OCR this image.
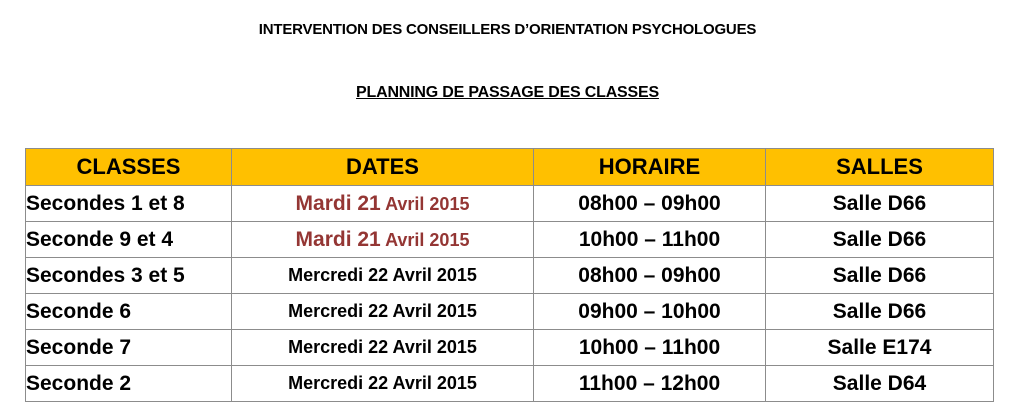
INTERVENTION DES CONSEILLERS D’ORIENTATION PSYCHOLOGUES
PLANNING DE PASSAGE DES CLASSES
CLASSES	DATES	HORAIRE	SALLES
Secondes 1 et 8	Mardi 21 Avril 2015	08h00 – 09h00	Salle D66
Seconde 9 et 4	Mardi 21 Avril 2015	10h00 – 11h00	Salle D66
Secondes 3 et 5	Mercredi 22 Avril 2015	08h00 – 09h00	Salle D66
Seconde 6	Mercredi 22 Avril 2015	09h00 – 10h00	Salle D66
Seconde 7	Mercredi 22 Avril 2015	10h00 – 11h00	Salle E174
Seconde 2	Mercredi 22 Avril 2015	11h00 – 12h00	Salle D64
